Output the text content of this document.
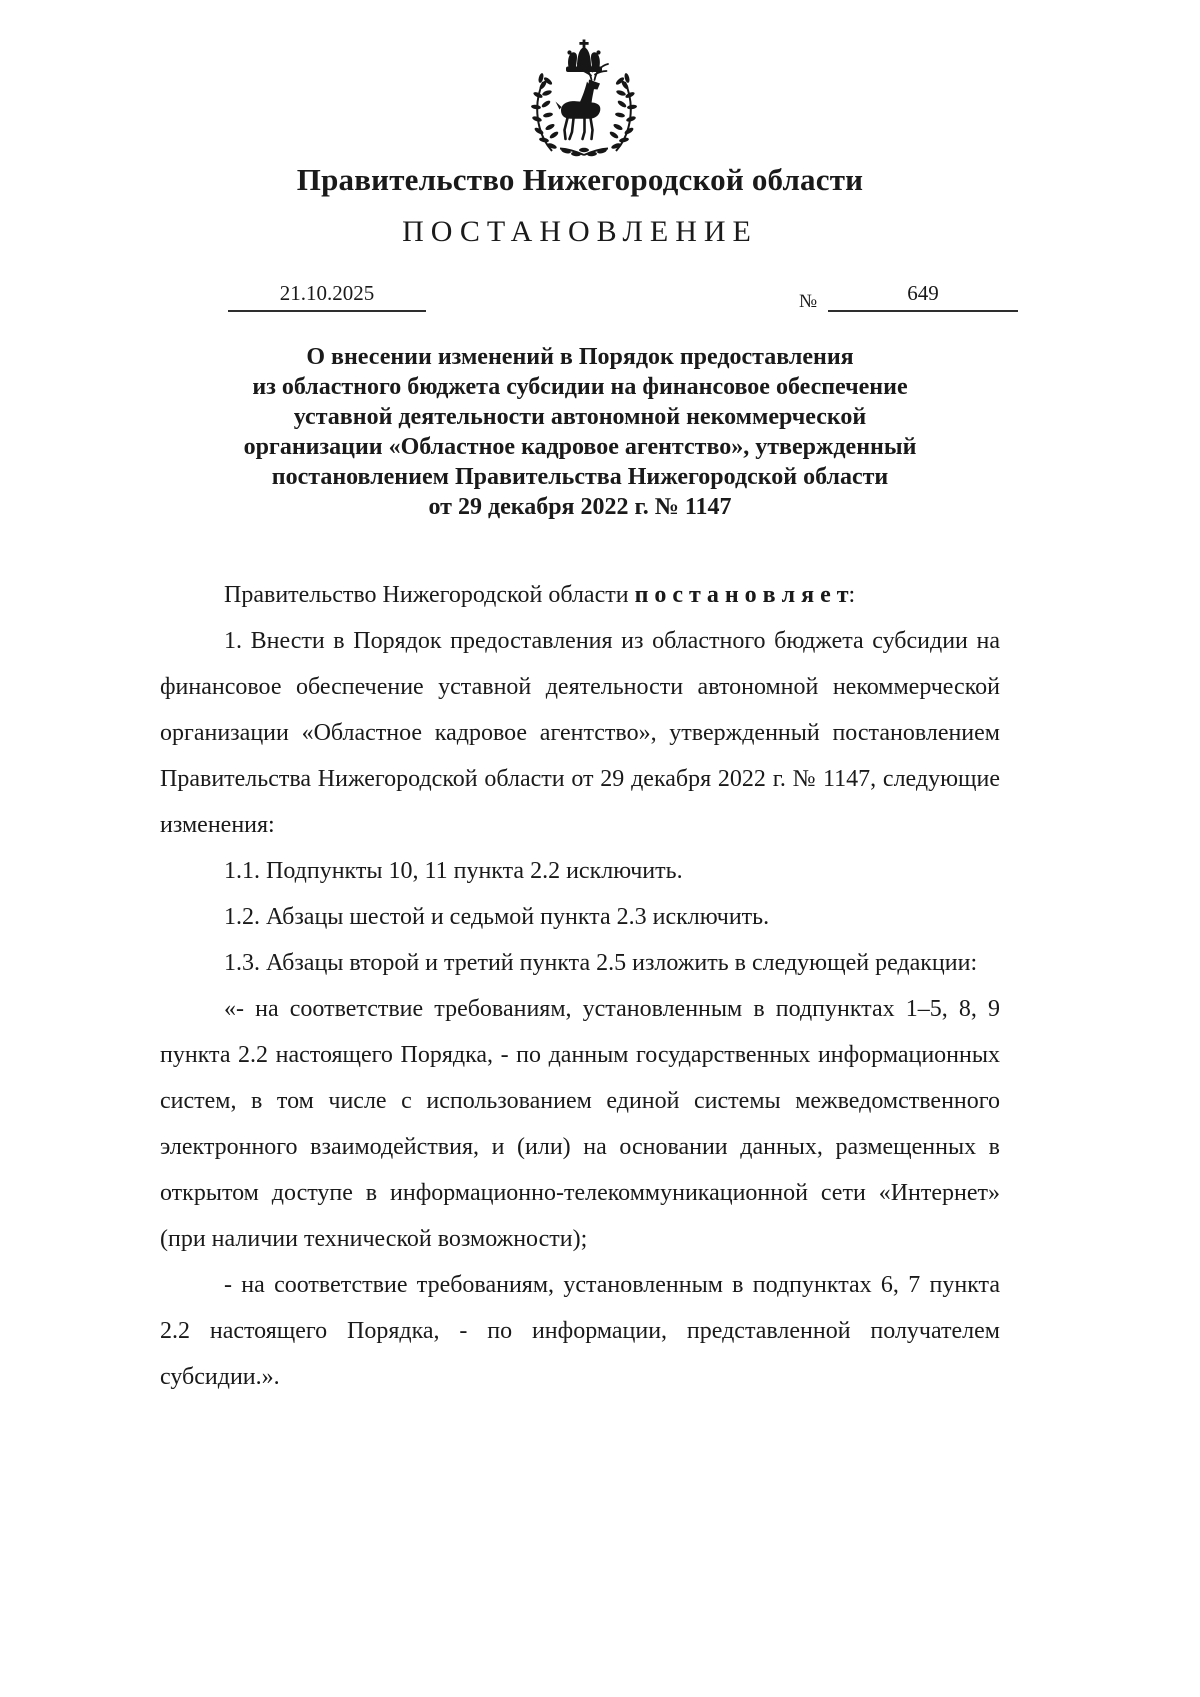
Правительство Нижегородской области
ПОСТАНОВЛЕНИЕ
21.10.2025	№	649
О внесении изменений в Порядок предоставления
из областного бюджета субсидии на финансовое обеспечение
уставной деятельности автономной некоммерческой
организации «Областное кадровое агентство», утвержденный
постановлением Правительства Нижегородской области
от 29 декабря 2022 г. № 1147

Правительство Нижегородской области п о с т а н о в л я е т:

1. Внести в Порядок предоставления из областного бюджета субсидии на финансовое обеспечение уставной деятельности автономной некоммерческой организации «Областное кадровое агентство», утвержденный постановлением Правительства Нижегородской области от 29 декабря 2022 г. № 1147, следующие изменения:

1.1. Подпункты 10, 11 пункта 2.2 исключить.

1.2. Абзацы шестой и седьмой пункта 2.3 исключить.

1.3. Абзацы второй и третий пункта 2.5 изложить в следующей редакции:

«- на соответствие требованиям, установленным в подпунктах 1–5, 8, 9 пункта 2.2 настоящего Порядка, - по данным государственных информационных систем, в том числе с использованием единой системы межведомственного электронного взаимодействия, и (или) на основании данных, размещенных в открытом доступе в информационно-телекоммуникационной сети «Интернет» (при наличии технической возможности);

- на соответствие требованиям, установленным в подпунктах 6, 7 пункта 2.2 настоящего Порядка, - по информации, представленной получателем субсидии.».
